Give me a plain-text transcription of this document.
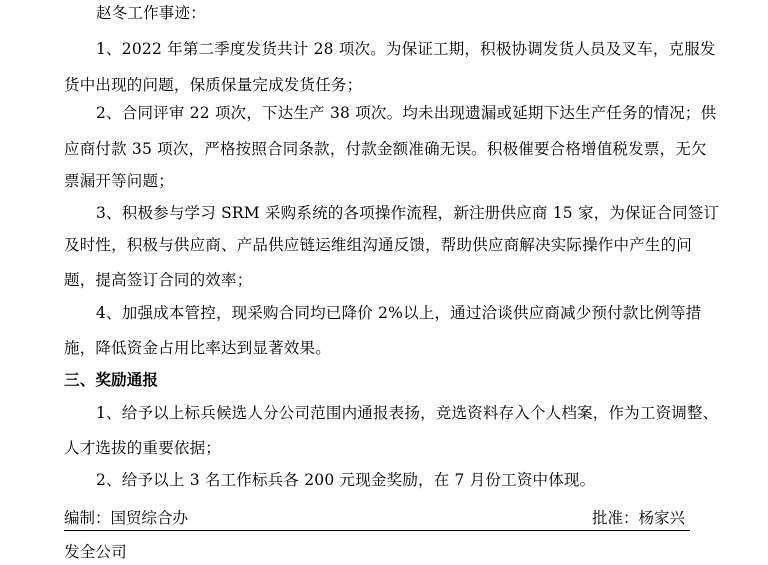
赵冬工作事迹：
1、2022 年第二季度发货共计 28 项次。为保证工期，积极协调发货人员及叉车，克服发
货中出现的问题，保质保量完成发货任务；
2、合同评审 22 项次，下达生产 38 项次。均未出现遗漏或延期下达生产任务的情况；供
应商付款 35 项次，严格按照合同条款，付款金额准确无误。积极催要合格增值税发票，无欠
票漏开等问题；
3、积极参与学习 SRM 采购系统的各项操作流程，新注册供应商 15 家，为保证合同签订
及时性，积极与供应商、产品供应链运维组沟通反馈，帮助供应商解决实际操作中产生的问
题，提高签订合同的效率；
4、加强成本管控，现采购合同均已降价 2%以上，通过洽谈供应商减少预付款比例等措
施，降低资金占用比率达到显著效果。
三、奖励通报
1、给予以上标兵候选人分公司范围内通报表扬，竞选资料存入个人档案，作为工资调整、
人才选拔的重要依据；
2、给予以上 3 名工作标兵各 200 元现金奖励，在 7 月份工资中体现。
编制：国贸综合办	批准：杨家兴
发全公司
